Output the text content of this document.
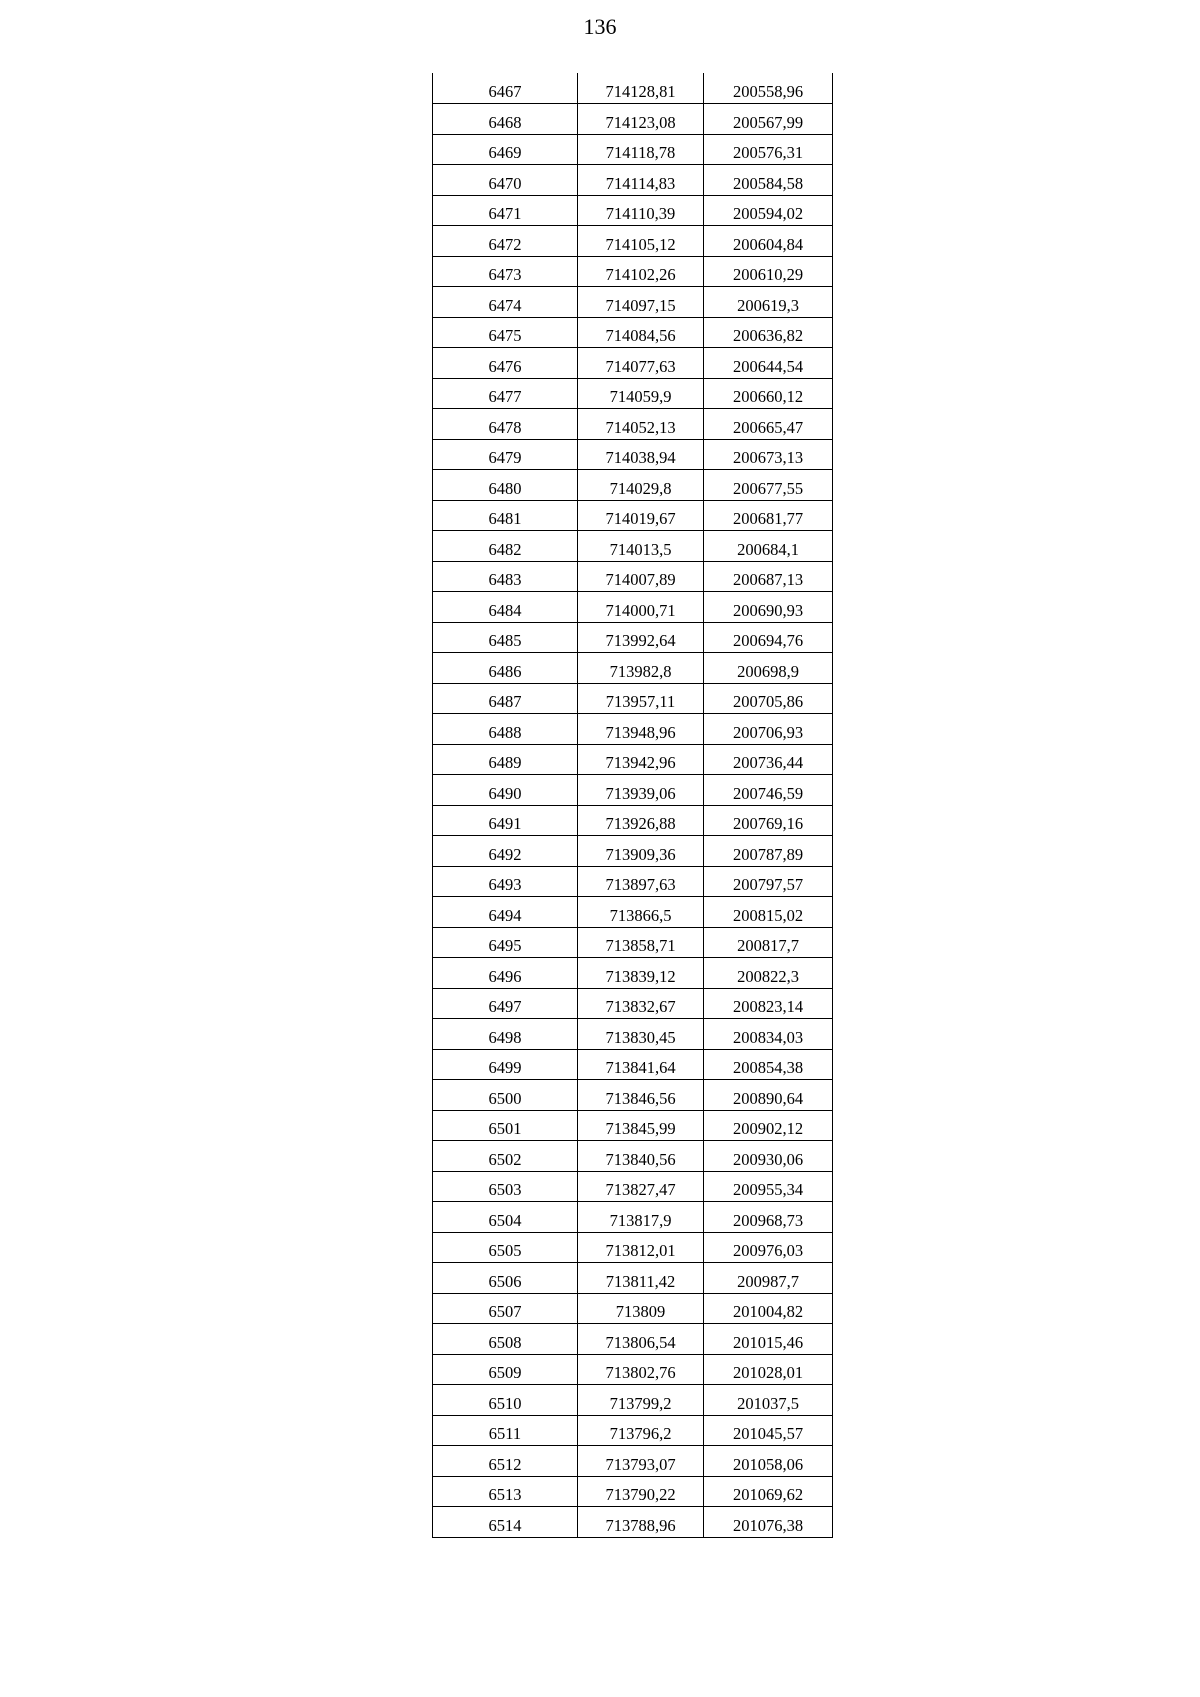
136
6467	714128,81	200558,96
6468	714123,08	200567,99
6469	714118,78	200576,31
6470	714114,83	200584,58
6471	714110,39	200594,02
6472	714105,12	200604,84
6473	714102,26	200610,29
6474	714097,15	200619,3
6475	714084,56	200636,82
6476	714077,63	200644,54
6477	714059,9	200660,12
6478	714052,13	200665,47
6479	714038,94	200673,13
6480	714029,8	200677,55
6481	714019,67	200681,77
6482	714013,5	200684,1
6483	714007,89	200687,13
6484	714000,71	200690,93
6485	713992,64	200694,76
6486	713982,8	200698,9
6487	713957,11	200705,86
6488	713948,96	200706,93
6489	713942,96	200736,44
6490	713939,06	200746,59
6491	713926,88	200769,16
6492	713909,36	200787,89
6493	713897,63	200797,57
6494	713866,5	200815,02
6495	713858,71	200817,7
6496	713839,12	200822,3
6497	713832,67	200823,14
6498	713830,45	200834,03
6499	713841,64	200854,38
6500	713846,56	200890,64
6501	713845,99	200902,12
6502	713840,56	200930,06
6503	713827,47	200955,34
6504	713817,9	200968,73
6505	713812,01	200976,03
6506	713811,42	200987,7
6507	713809	201004,82
6508	713806,54	201015,46
6509	713802,76	201028,01
6510	713799,2	201037,5
6511	713796,2	201045,57
6512	713793,07	201058,06
6513	713790,22	201069,62
6514	713788,96	201076,38
